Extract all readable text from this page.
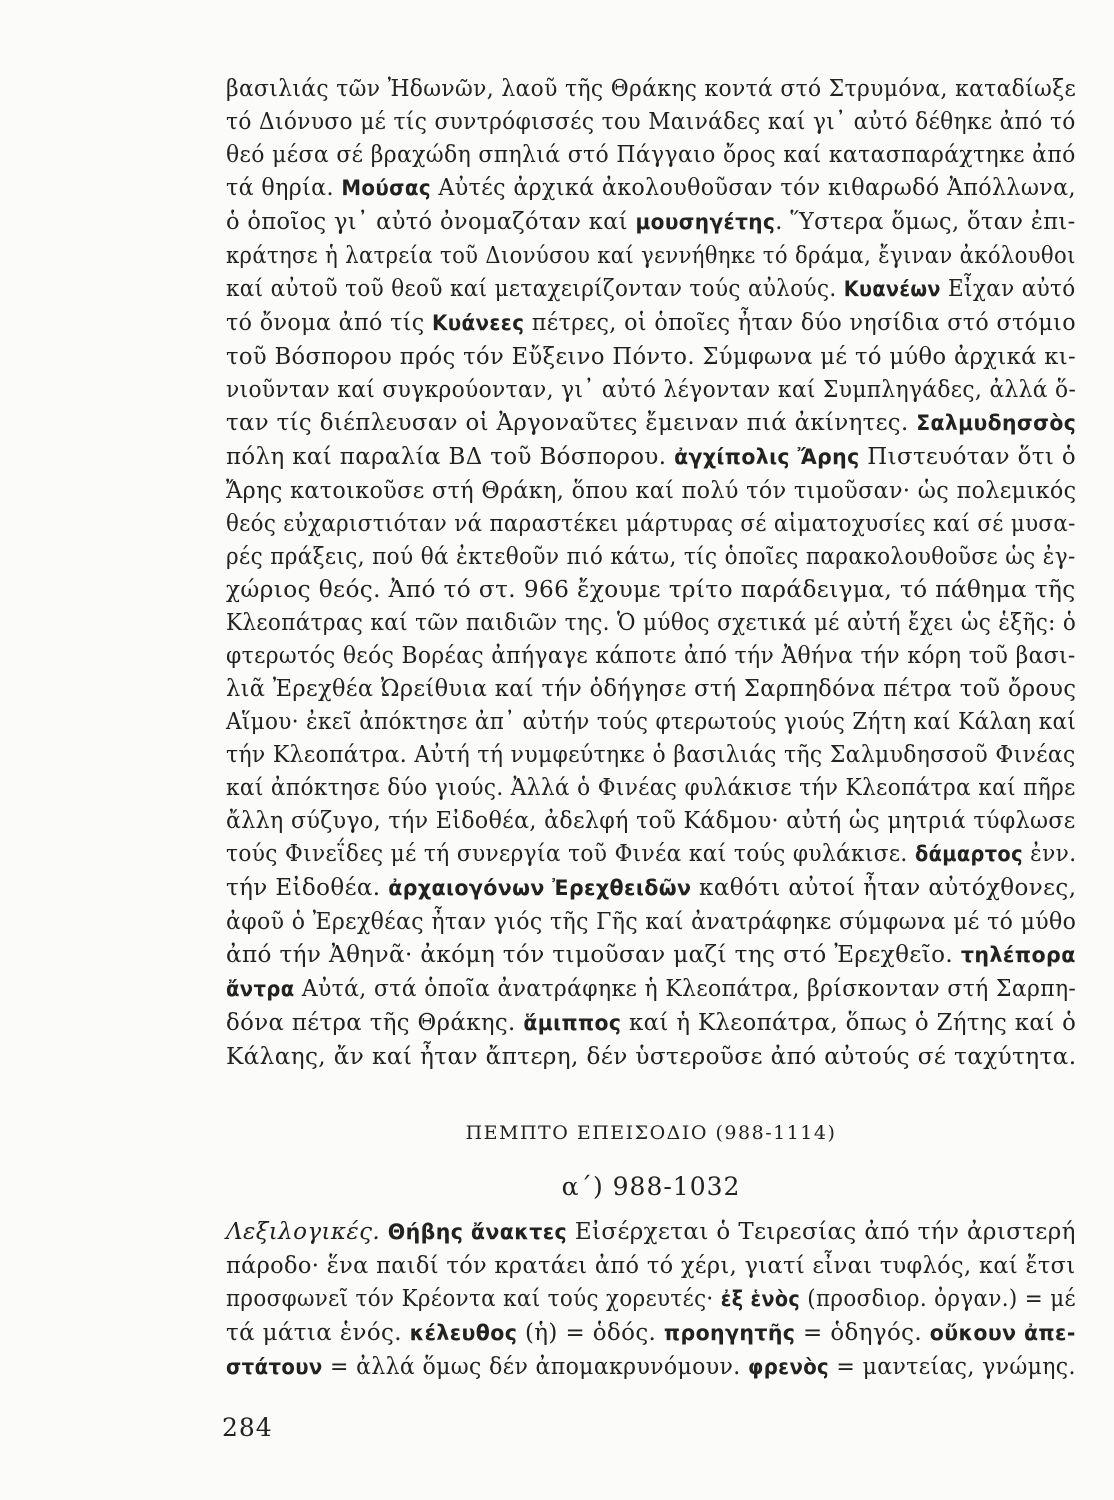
βασιλιάς τῶν Ἠδωνῶν, λαοῦ τῆς Θράκης κοντά στό Στρυμόνα, καταδίωξε
τό Διόνυσο μέ τίς συντρόφισσές του Μαινάδες καί γι᾽ αὐτό δέθηκε ἀπό τό
θεό μέσα σέ βραχώδη σπηλιά στό Πάγγαιο ὄρος καί κατασπαράχτηκε ἀπό
τά θηρία. Μούσας Αὐτές ἀρχικά ἀκολουθοῦσαν τόν κιθαρωδό Ἀπόλλωνα,
ὁ ὁποῖος γι᾽ αὐτό ὀνομαζόταν καί μουσηγέτης. Ὕστερα ὅμως, ὅταν ἐπι-
κράτησε ἡ λατρεία τοῦ Διονύσου καί γεννήθηκε τό δράμα, ἔγιναν ἀκόλουθοι
καί αὐτοῦ τοῦ θεοῦ καί μεταχειρίζονταν τούς αὐλούς. Κυανέων Εἶχαν αὐτό
τό ὄνομα ἀπό τίς Κυάνεες πέτρες, οἱ ὁποῖες ἦταν δύο νησίδια στό στόμιο
τοῦ Βόσπορου πρός τόν Εὔξεινο Πόντο. Σύμφωνα μέ τό μύθο ἀρχικά κι-
νιοῦνταν καί συγκρούονταν, γι᾽ αὐτό λέγονταν καί Συμπληγάδες, ἀλλά ὅ-
ταν τίς διέπλευσαν οἱ Ἀργοναῦτες ἔμειναν πιά ἀκίνητες. Σαλμυδησσὸς
πόλη καί παραλία ΒΔ τοῦ Βόσπορου. ἀγχίπολις Ἄρης Πιστευόταν ὅτι ὁ
Ἄρης κατοικοῦσε στή Θράκη, ὅπου καί πολύ τόν τιμοῦσαν· ὡς πολεμικός
θεός εὐχαριστιόταν νά παραστέκει μάρτυρας σέ αἱματοχυσίες καί σέ μυσα-
ρές πράξεις, πού θά ἐκτεθοῦν πιό κάτω, τίς ὁποῖες παρακολουθοῦσε ὡς ἐγ-
χώριος θεός. Ἀπό τό στ. 966 ἔχουμε τρίτο παράδειγμα, τό πάθημα τῆς
Κλεοπάτρας καί τῶν παιδιῶν της. Ὁ μύθος σχετικά μέ αὐτή ἔχει ὡς ἑξῆς: ὁ
φτερωτός θεός Βορέας ἀπήγαγε κάποτε ἀπό τήν Ἀθήνα τήν κόρη τοῦ βασι-
λιᾶ Ἐρεχθέα Ὠρείθυια καί τήν ὁδήγησε στή Σαρπηδόνα πέτρα τοῦ ὄρους
Αἵμου· ἐκεῖ ἀπόκτησε ἀπ᾽ αὐτήν τούς φτερωτούς γιούς Ζήτη καί Κάλαη καί
τήν Κλεοπάτρα. Αὐτή τή νυμφεύτηκε ὁ βασιλιάς τῆς Σαλμυδησσοῦ Φινέας
καί ἀπόκτησε δύο γιούς. Ἀλλά ὁ Φινέας φυλάκισε τήν Κλεοπάτρα καί πῆρε
ἄλλη σύζυγο, τήν Εἰδοθέα, ἀδελφή τοῦ Κάδμου· αὐτή ὡς μητριά τύφλωσε
τούς Φινεΐδες μέ τή συνεργία τοῦ Φινέα καί τούς φυλάκισε. δάμαρτος ἐνν.
τήν Εἰδοθέα. ἀρχαιογόνων Ἐρεχθειδῶν καθότι αὐτοί ἦταν αὐτόχθονες,
ἀφοῦ ὁ Ἐρεχθέας ἦταν γιός τῆς Γῆς καί ἀνατράφηκε σύμφωνα μέ τό μύθο
ἀπό τήν Ἀθηνᾶ· ἀκόμη τόν τιμοῦσαν μαζί της στό Ἐρεχθεῖο. τηλέπορα
ἄντρα Αὐτά, στά ὁποῖα ἀνατράφηκε ἡ Κλεοπάτρα, βρίσκονταν στή Σαρπη-
δόνα πέτρα τῆς Θράκης. ἅμιππος καί ἡ Κλεοπάτρα, ὅπως ὁ Ζήτης καί ὁ
Κάλαης, ἄν καί ἦταν ἄπτερη, δέν ὑστεροῦσε ἀπό αὐτούς σέ ταχύτητα.
ΠΕΜΠΤΟ ΕΠΕΙΣΟΔΙΟ (988-1114)
α΄) 988-1032
Λεξιλογικές. Θήβης ἄνακτες Εἰσέρχεται ὁ Τειρεσίας ἀπό τήν ἀριστερή
πάροδο· ἕνα παιδί τόν κρατάει ἀπό τό χέρι, γιατί εἶναι τυφλός, καί ἔτσι
προσφωνεῖ τόν Κρέοντα καί τούς χορευτές· ἐξ ἑνὸς (προσδιορ. ὀργαν.) = μέ
τά μάτια ἑνός. κέλευθος (ἡ) = ὁδός. προηγητῆς = ὁδηγός. οὔκουν ἀπε-
στάτουν = ἀλλά ὅμως δέν ἀπομακρυνόμουν. φρενὸς = μαντείας, γνώμης.
284
